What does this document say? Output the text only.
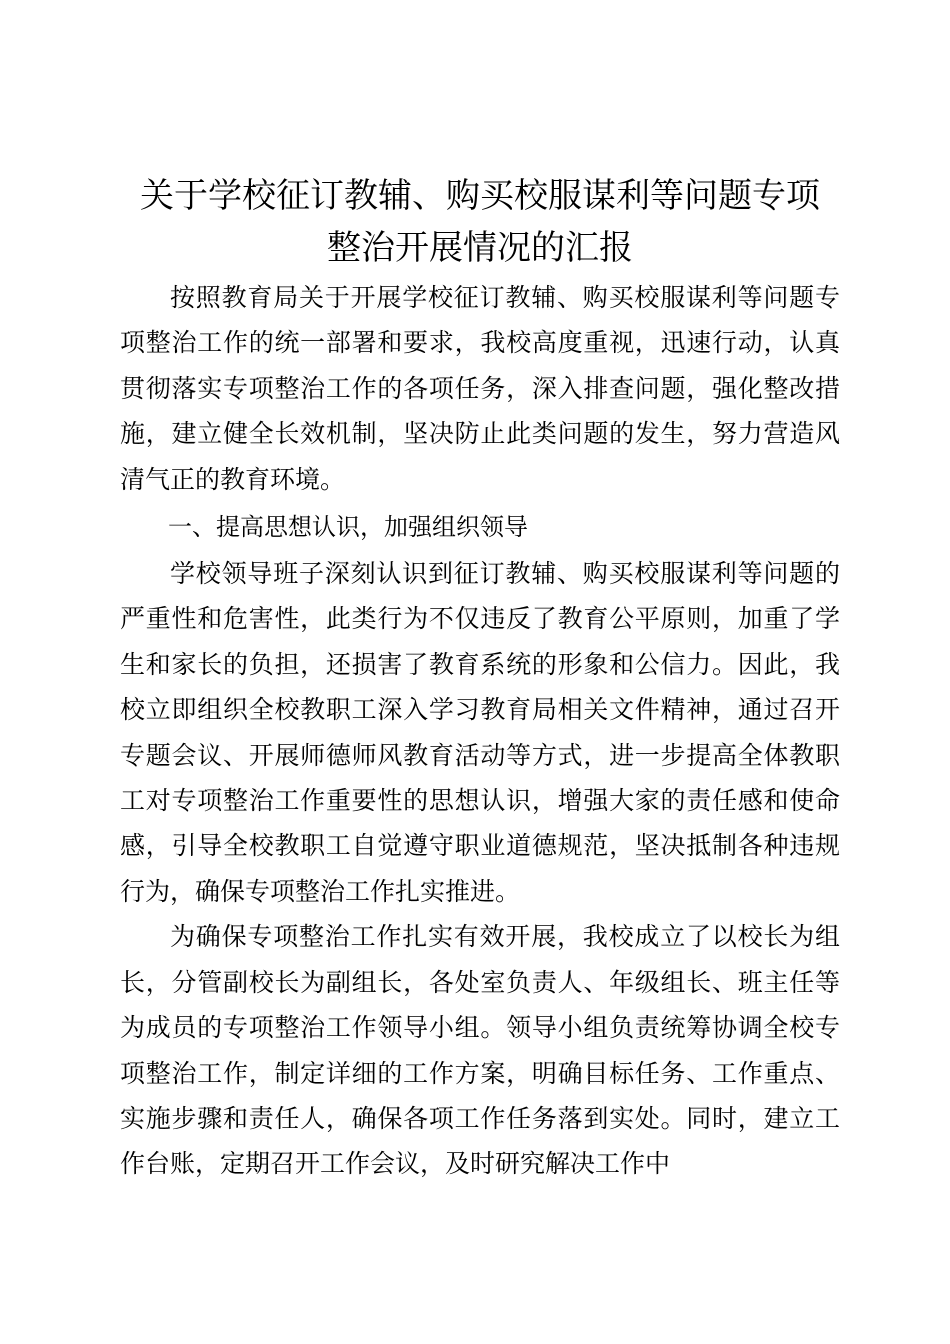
关于学校征订教辅、购买校服谋利等问题专项
整治开展情况的汇报

按照教育局关于开展学校征订教辅、购买校服谋利等问题专项整治工作的统一部署和要求，我校高度重视，迅速行动，认真贯彻落实专项整治工作的各项任务，深入排查问题，强化整改措施，建立健全长效机制，坚决防止此类问题的发生，努力营造风清气正的教育环境。

一、提高思想认识，加强组织领导

学校领导班子深刻认识到征订教辅、购买校服谋利等问题的严重性和危害性，此类行为不仅违反了教育公平原则，加重了学生和家长的负担，还损害了教育系统的形象和公信力。因此，我校立即组织全校教职工深入学习教育局相关文件精神，通过召开专题会议、开展师德师风教育活动等方式，进一步提高全体教职工对专项整治工作重要性的思想认识，增强大家的责任感和使命感，引导全校教职工自觉遵守职业道德规范，坚决抵制各种违规行为，确保专项整治工作扎实推进。

为确保专项整治工作扎实有效开展，我校成立了以校长为组长，分管副校长为副组长，各处室负责人、年级组长、班主任等为成员的专项整治工作领导小组。领导小组负责统筹协调全校专项整治工作，制定详细的工作方案，明确目标任务、工作重点、实施步骤和责任人，确保各项工作任务落到实处。同时，建立工作台账，定期召开工作会议，及时研究解决工作中
